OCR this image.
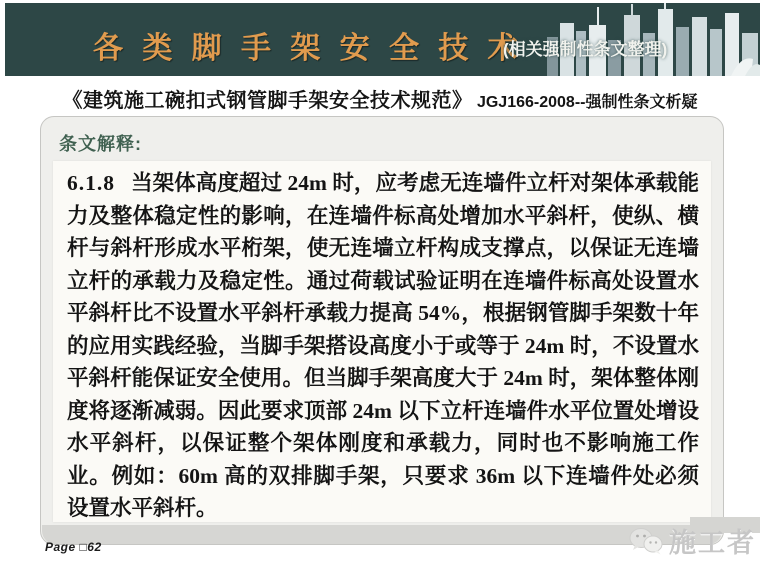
各 类 脚 手 架 安 全 技 术
(相关强制性条文整理)
《建筑施工碗扣式钢管脚手架安全技术规范》 JGJ166-2008--强制性条文析疑
条文解释:

6.1.8 当架体高度超过 24m 时，应考虑无连墙件立杆对架体承载能力及整体稳定性的影响，在连墙件标高处增加水平斜杆，使纵、横杆与斜杆形成水平桁架，使无连墙立杆构成支撑点，以保证无连墙立杆的承载力及稳定性。通过荷载试验证明在连墙件标高处设置水平斜杆比不设置水平斜杆承载力提高 54%，根据钢管脚手架数十年的应用实践经验，当脚手架搭设高度小于或等于 24m 时，不设置水平斜杆能保证安全使用。但当脚手架高度大于 24m 时，架体整体刚度将逐渐减弱。因此要求顶部 24m 以下立杆连墙件水平位置处增设水平斜杆，以保证整个架体刚度和承载力，同时也不影响施工作业。例如：60m 高的双排脚手架，只要求 36m 以下连墙件处必须设置水平斜杆。

Page □62	施工者
